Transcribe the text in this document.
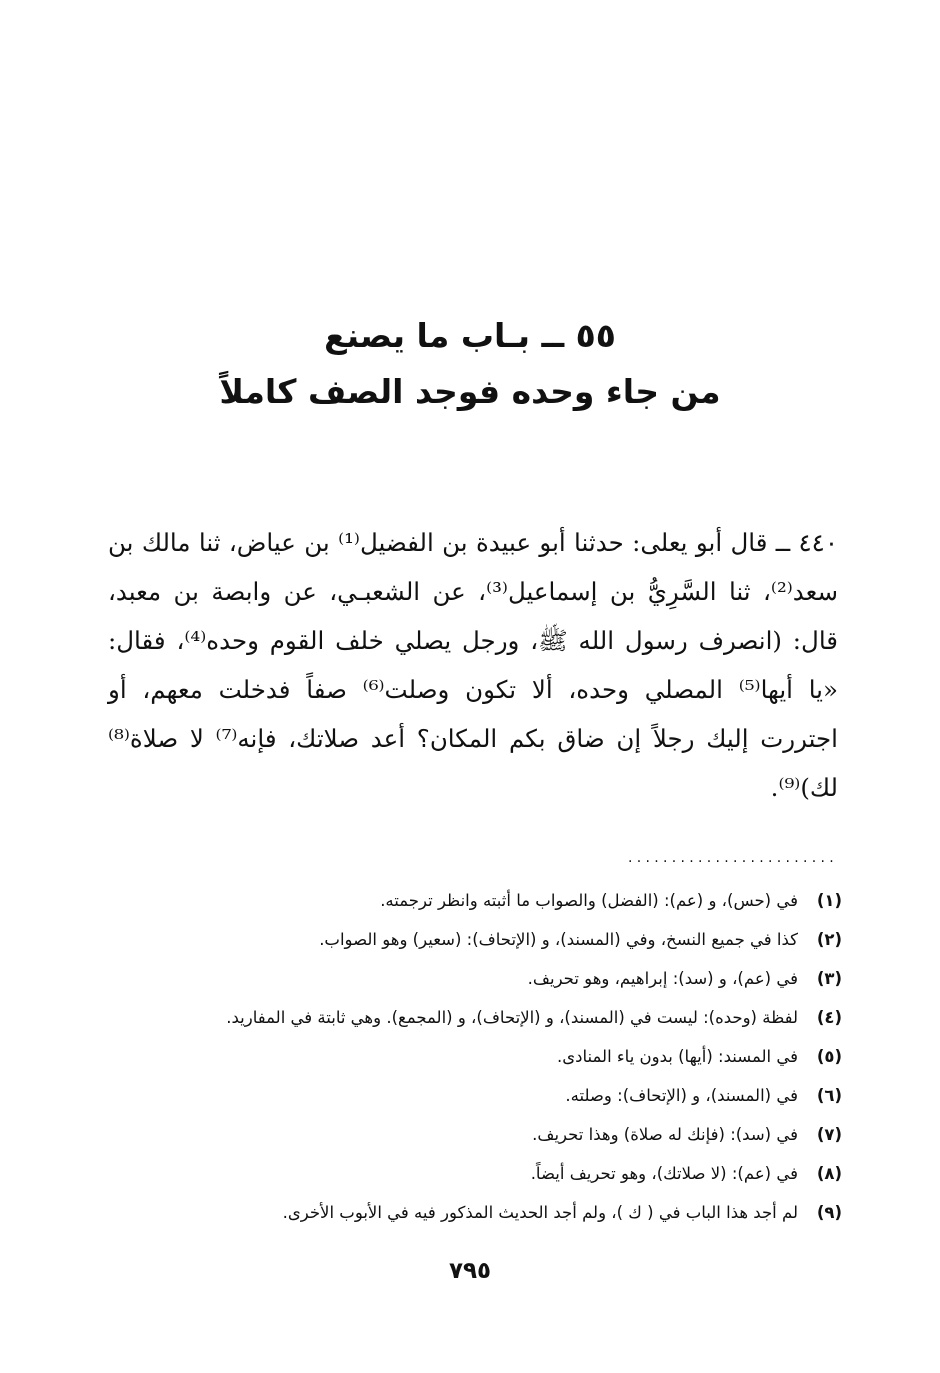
٥٥ ــ بـاب ما يصنع
من جاء وحده فوجد الصف كاملاً

٤٤٠ ــ قال أبو يعلى: حدثنا أبو عبيدة بن الفضيل⁽¹⁾ بن عياض، ثنا مالك بن سعد⁽²⁾، ثنا السَّرِيُّ بن إسماعيل⁽³⁾، عن الشعبـي، عن وابصة بن معبد، قال: (انصرف رسول الله ﷺ، ورجل يصلي خلف القوم وحده⁽⁴⁾، فقال: «يا أيها⁽⁵⁾ المصلي وحده، ألا تكون وصلت⁽⁶⁾ صفاً فدخلت معهم، أو اجتررت إليك رجلاً إن ضاق بكم المكان؟ أعد صلاتك، فإنه⁽⁷⁾ لا صلاة⁽⁸⁾ لك)⁽⁹⁾.

........................
(١)
في (حس)، و (عم): (الفضل) والصواب ما أثبته وانظر ترجمته.
(٢)
كذا في جميع النسخ، وفي (المسند)، و (الإتحاف): (سعير) وهو الصواب.
(٣)
في (عم)، و (سد): إبراهيم، وهو تحريف.
(٤)
لفظة (وحده): ليست في (المسند)، و (الإتحاف)، و (المجمع). وهي ثابتة في المفاريد.
(٥)
في المسند: (أيها) بدون ياء المنادى.
(٦)
في (المسند)، و (الإتحاف): وصلته.
(٧)
في (سد): (فإنك له صلاة) وهذا تحريف.
(٨)
في (عم): (لا صلاتك)، وهو تحريف أيضاً.
(٩)
لم أجد هذا الباب في ( ك )، ولم أجد الحديث المذكور فيه في الأبوب الأخرى.
٧٩٥
